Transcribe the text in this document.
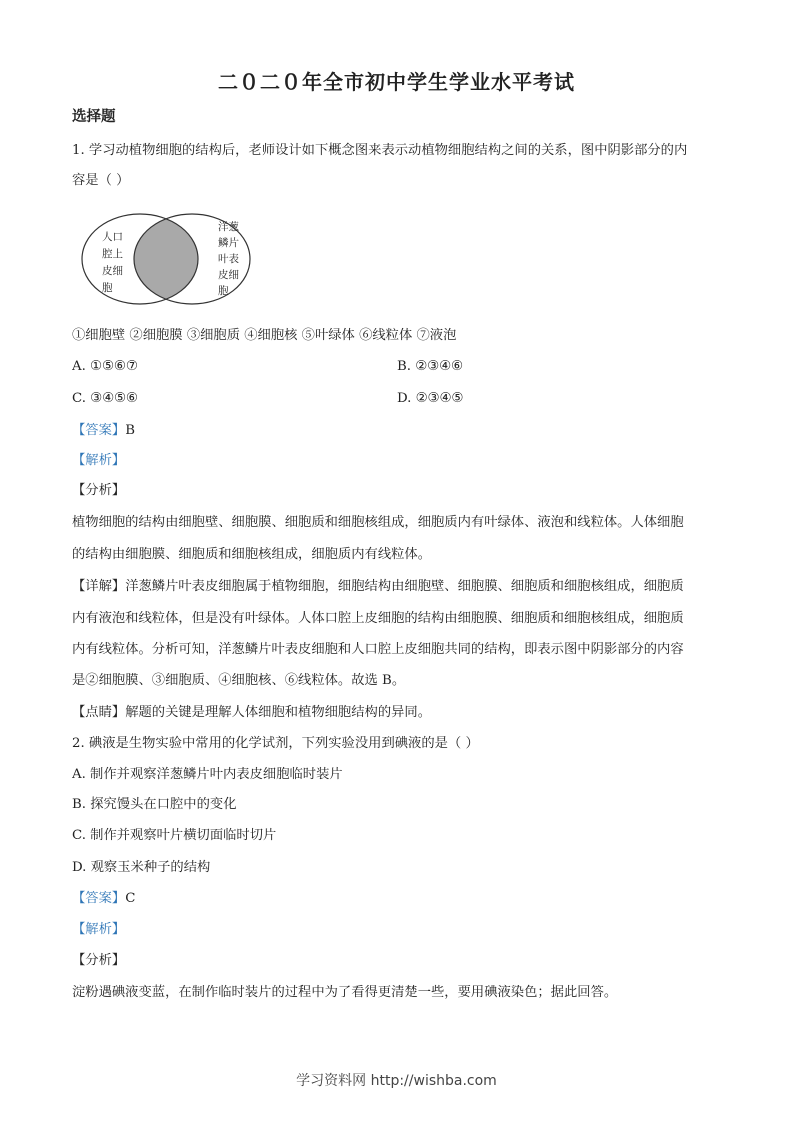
二０二０年全市初中学生学业水平考试
选择题
1. 学习动植物细胞的结构后，老师设计如下概念图来表示动植物细胞结构之间的关系，图中阴影部分的内
容是（ ）
人口
腔上
皮细
胞
洋葱
鳞片
叶表
皮细
胞
①细胞壁 ②细胞膜 ③细胞质 ④细胞核 ⑤叶绿体 ⑥线粒体 ⑦液泡
A. ①⑤⑥⑦	B. ②③④⑥
C. ③④⑤⑥	D. ②③④⑤
【答案】B
【解析】
【分析】
植物细胞的结构由细胞壁、细胞膜、细胞质和细胞核组成，细胞质内有叶绿体、液泡和线粒体。人体细胞
的结构由细胞膜、细胞质和细胞核组成，细胞质内有线粒体。
【详解】洋葱鳞片叶表皮细胞属于植物细胞，细胞结构由细胞壁、细胞膜、细胞质和细胞核组成，细胞质
内有液泡和线粒体，但是没有叶绿体。人体口腔上皮细胞的结构由细胞膜、细胞质和细胞核组成，细胞质
内有线粒体。分析可知，洋葱鳞片叶表皮细胞和人口腔上皮细胞共同的结构，即表示图中阴影部分的内容
是②细胞膜、③细胞质、④细胞核、⑥线粒体。故选 B。
【点睛】解题的关键是理解人体细胞和植物细胞结构的异同。
2. 碘液是生物实验中常用的化学试剂，下列实验没用到碘液的是（ ）
A. 制作并观察洋葱鳞片叶内表皮细胞临时装片
B. 探究馒头在口腔中的变化
C. 制作并观察叶片横切面临时切片
D. 观察玉米种子的结构
【答案】C
【解析】
【分析】
淀粉遇碘液变蓝，在制作临时装片的过程中为了看得更清楚一些，要用碘液染色；据此回答。
学习资料网 http://wishba.com
